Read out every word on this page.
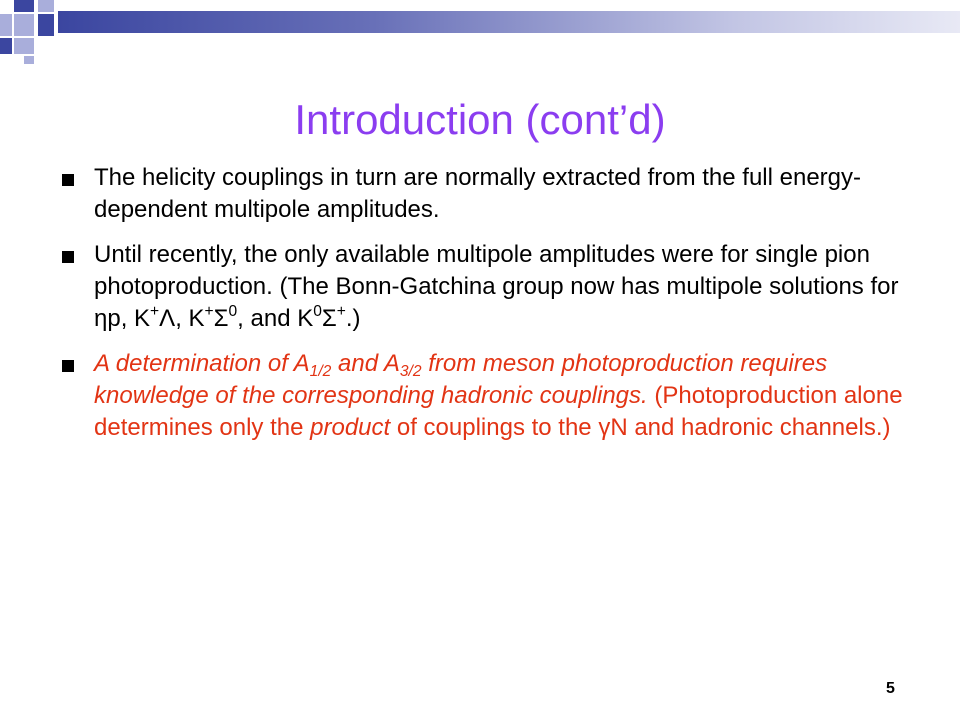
Introduction (cont’d)
The helicity couplings in turn are normally extracted from the full energy-dependent multipole amplitudes.
Until recently, the only available multipole amplitudes were for single pion photoproduction. (The Bonn-Gatchina group now has multipole solutions for ηp, K+Λ, $K^+\Sigma^0$, and $K^0\Sigma^+$.)
A determination of $A_{1/2}$ and $A_{3/2}$ from meson photoproduction requires knowledge of the corresponding hadronic couplings. (Photoproduction alone determines only the product of couplings to the γN and hadronic channels.)
5
